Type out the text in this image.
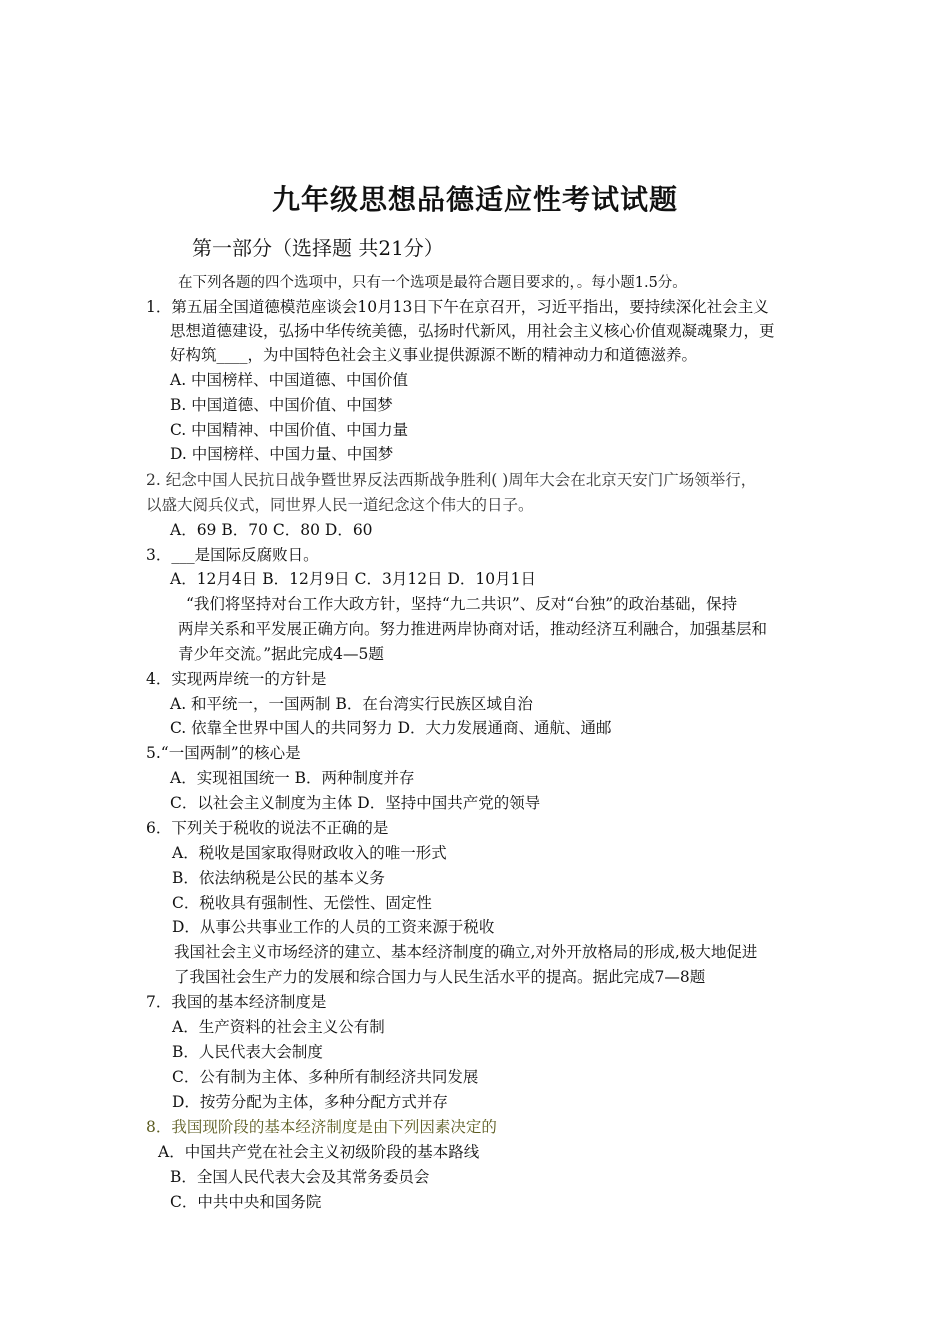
九年级思想品德适应性考试试题
第一部分（选择题 共21分）
在下列各题的四个选项中，只有一个选项是最符合题目要求的，。每小题1.5分。
1．第五届全国道德模范座谈会10月13日下午在京召开，习近平指出，要持续深化社会主义
思想道德建设，弘扬中华传统美德，弘扬时代新风，用社会主义核心价值观凝魂聚力，更
好构筑____，为中国特色社会主义事业提供源源不断的精神动力和道德滋养。
A. 中国榜样、中国道德、中国价值
B. 中国道德、中国价值、中国梦
C. 中国精神、中国价值、中国力量
D. 中国榜样、中国力量、中国梦
2. 纪念中国人民抗日战争暨世界反法西斯战争胜利( )周年大会在北京天安门广场领举行，
以盛大阅兵仪式，同世界人民一道纪念这个伟大的日子。
A．69 B．70 C．80 D．60
3．___是国际反腐败日。
A．12月4日 B．12月9日 C．3月12日 D．10月1日
“我们将坚持对台工作大政方针，坚持“九二共识”、反对“台独”的政治基础，保持
两岸关系和平发展正确方向。努力推进两岸协商对话，推动经济互利融合，加强基层和
青少年交流。”据此完成4—5题
4．实现两岸统一的方针是
A. 和平统一，一国两制 B．在台湾实行民族区域自治
C. 依靠全世界中国人的共同努力 D．大力发展通商、通航、通邮
5.“一国两制”的核心是
A．实现祖国统一 B．两种制度并存
C．以社会主义制度为主体 D．坚持中国共产党的领导
6．下列关于税收的说法不正确的是
A．税收是国家取得财政收入的唯一形式
B．依法纳税是公民的基本义务
C．税收具有强制性、无偿性、固定性
D．从事公共事业工作的人员的工资来源于税收
我国社会主义市场经济的建立、基本经济制度的确立,对外开放格局的形成,极大地促进
了我国社会生产力的发展和综合国力与人民生活水平的提高。据此完成7—8题
7．我国的基本经济制度是
A．生产资料的社会主义公有制
B．人民代表大会制度
C．公有制为主体、多种所有制经济共同发展
D．按劳分配为主体，多种分配方式并存
8．我国现阶段的基本经济制度是由下列因素决定的
A．中国共产党在社会主义初级阶段的基本路线
B．全国人民代表大会及其常务委员会
C．中共中央和国务院
